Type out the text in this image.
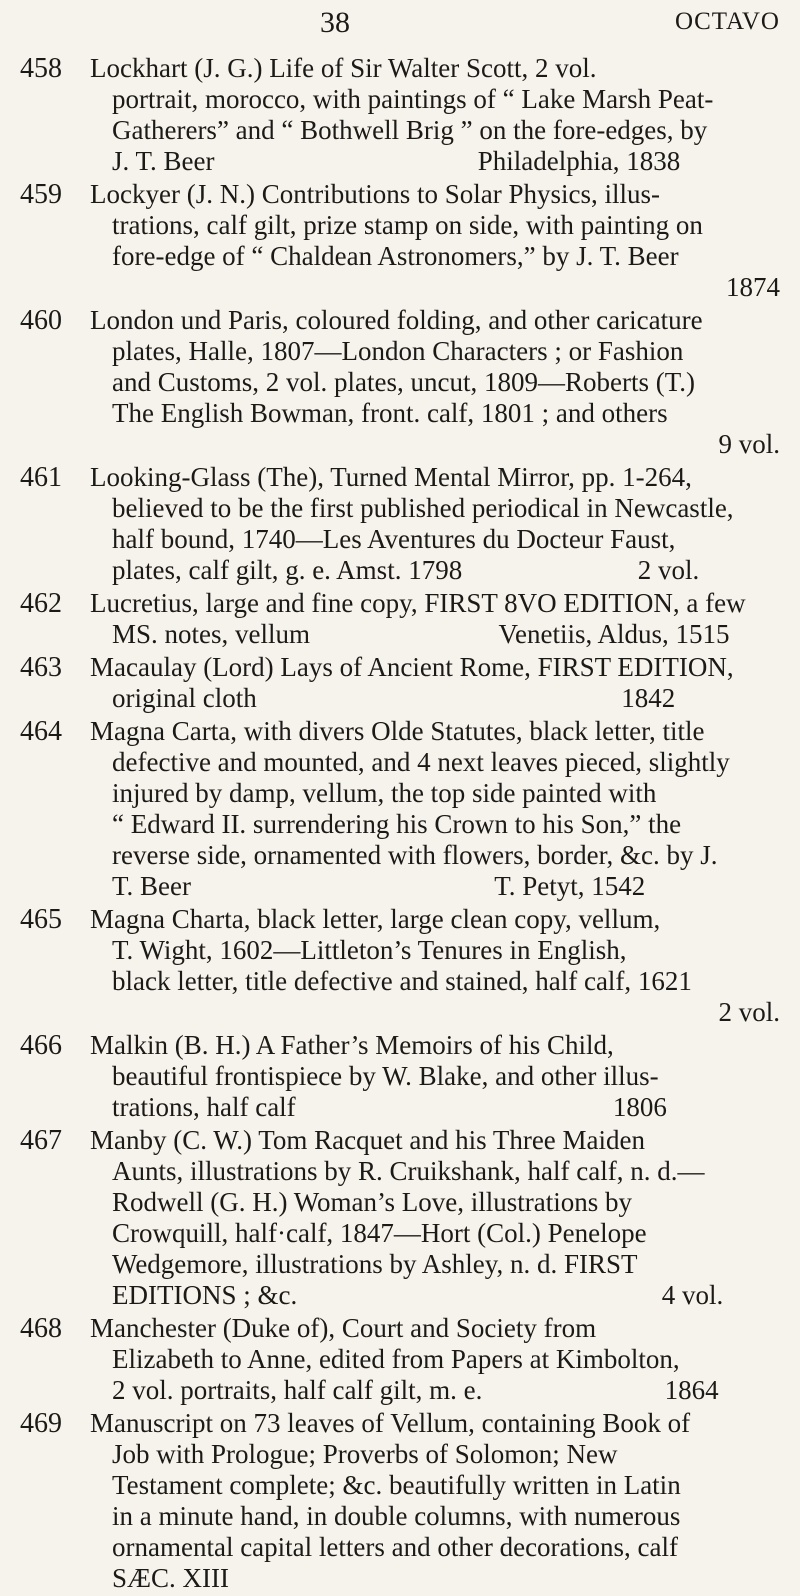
38	OCTAVO
458	Lockhart (J. G.) Life of Sir Walter Scott, 2 vol.
portrait, morocco, with paintings of “ Lake Marsh Peat-
Gatherers” and “ Bothwell Brig ” on the fore-edges, by
J. T. Beer                                       Philadelphia, 1838
459	Lockyer (J. N.) Contributions to Solar Physics, illus-
trations, calf gilt, prize stamp on side, with painting on
fore-edge of “ Chaldean Astronomers,” by J. T. Beer
1874
460	London und Paris, coloured folding, and other caricature
plates, Halle, 1807—London Characters ; or Fashion
and Customs, 2 vol. plates, uncut, 1809—Roberts (T.)
The English Bowman, front. calf, 1801 ; and others
9 vol.
461	Looking-Glass (The), Turned Mental Mirror, pp. 1-264,
believed to be the first published periodical in Newcastle,
half bound, 1740—Les Aventures du Docteur Faust,
plates, calf gilt, g. e. Amst. 1798                          2 vol.
462	Lucretius, large and fine copy, FIRST 8VO EDITION, a few
MS. notes, vellum                            Venetiis, Aldus, 1515
463	Macaulay (Lord) Lays of Ancient Rome, FIRST EDITION,
original cloth                                                      1842
464	Magna Carta, with divers Olde Statutes, black letter, title
defective and mounted, and 4 next leaves pieced, slightly
injured by damp, vellum, the top side painted with
“ Edward II. surrendering his Crown to his Son,” the
reverse side, ornamented with flowers, border, &c. by J.
T. Beer                                             T. Petyt, 1542
465	Magna Charta, black letter, large clean copy, vellum,
T. Wight, 1602—Littleton’s Tenures in English,
black letter, title defective and stained, half calf, 1621
2 vol.
466	Malkin (B. H.) A Father’s Memoirs of his Child,
beautiful frontispiece by W. Blake, and other illus-
trations, half calf                                               1806
467	Manby (C. W.) Tom Racquet and his Three Maiden
Aunts, illustrations by R. Cruikshank, half calf, n. d.—
Rodwell (G. H.) Woman’s Love, illustrations by
Crowquill, half·calf, 1847—Hort (Col.) Penelope
Wedgemore, illustrations by Ashley, n. d. FIRST
EDITIONS ; &c.                                                      4 vol.
468	Manchester (Duke of), Court and Society from
Elizabeth to Anne, edited from Papers at Kimbolton,
2 vol. portraits, half calf gilt, m. e.                           1864
469	Manuscript on 73 leaves of Vellum, containing Book of
Job with Prologue; Proverbs of Solomon; New
Testament complete; &c. beautifully written in Latin
in a minute hand, in double columns, with numerous
ornamental capital letters and other decorations, calf
SÆC. XIII
